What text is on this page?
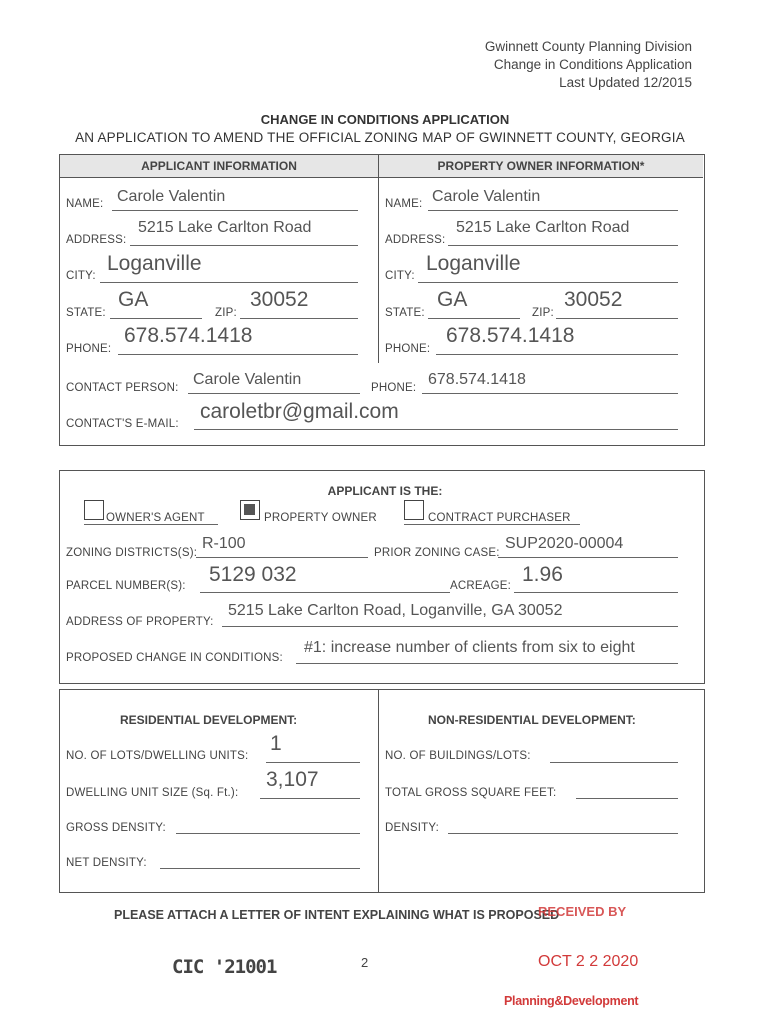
Gwinnett County Planning Division
Change in Conditions Application
Last Updated 12/2015
CHANGE IN CONDITIONS APPLICATION
AN APPLICATION TO AMEND THE OFFICIAL ZONING MAP OF GWINNETT COUNTY, GEORGIA
APPLICANT INFORMATION	PROPERTY OWNER INFORMATION*
NAME: Carole Valentin
ADDRESS:
5215 Lake Carlton Road
CITY:
Loganville
STATE:
GA
ZIP:
30052
PHONE:
678.574.1418
NAME: Carole Valentin
ADDRESS:
5215 Lake Carlton Road
CITY:
Loganville
STATE:
GA
ZIP:
30052
PHONE:
678.574.1418
CONTACT PERSON: Carole Valentin	PHONE: 678.574.1418
CONTACT'S E-MAIL:
caroletbr@gmail.com
APPLICANT IS THE:
OWNER'S AGENT	PROPERTY OWNER	CONTRACT PURCHASER
ZONING DISTRICTS(S):
R-100
PRIOR ZONING CASE:
SUP2020-00004
PARCEL NUMBER(S): 5129 032	ACREAGE: 1.96
ADDRESS OF PROPERTY:
5215 Lake Carlton Road, Loganville, GA 30052
PROPOSED CHANGE IN CONDITIONS:
#1: increase number of clients from six to eight
RESIDENTIAL DEVELOPMENT:	NON-RESIDENTIAL DEVELOPMENT:
NO. OF LOTS/DWELLING UNITS:
1
DWELLING UNIT SIZE (Sq. Ft.):
3,107
GROSS DENSITY:
NET DENSITY:
NO. OF BUILDINGS/LOTS:
TOTAL GROSS SQUARE FEET:
DENSITY:
PLEASE ATTACH A LETTER OF INTENT EXPLAINING WHAT IS PROPOSED
RECEIVED BY
CIC '21001	2	OCT 2 2 2020
Planning&Development
